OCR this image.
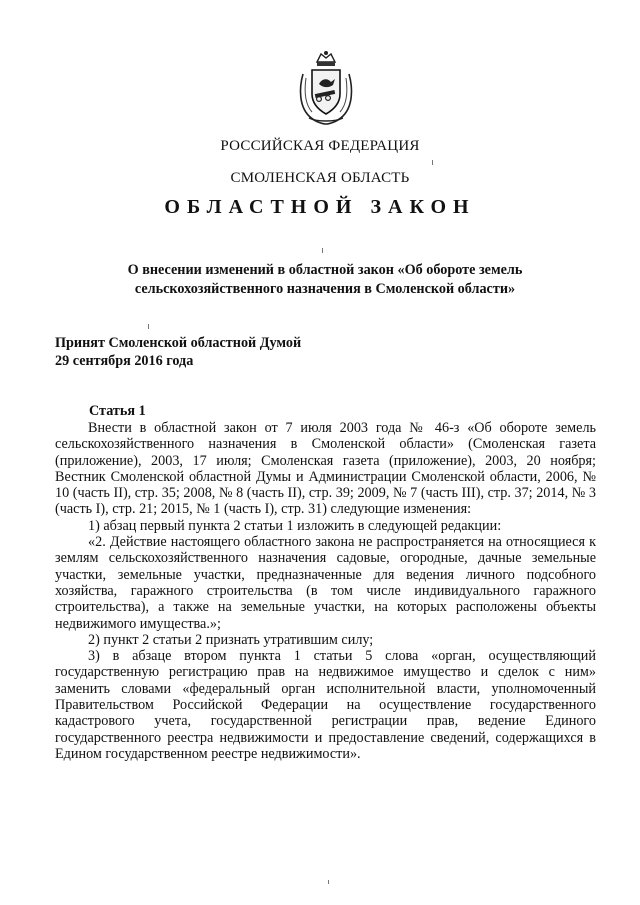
РОССИЙСКАЯ ФЕДЕРАЦИЯ
СМОЛЕНСКАЯ ОБЛАСТЬ
ОБЛАСТНОЙ ЗАКОН
О внесении изменений в областной закон «Об обороте земель сельскохозяйственного назначения в Смоленской области»
Принят Смоленской областной Думой
29 сентября 2016 года
Статья 1

Внести в областной закон от 7 июля 2003 года № 46-з «Об обороте земель сельскохозяйственного назначения в Смоленской области» (Смоленская газета (приложение), 2003, 17 июля; Смоленская газета (приложение), 2003, 20 ноября; Вестник Смоленской областной Думы и Администрации Смоленской области, 2006, № 10 (часть II), стр. 35; 2008, № 8 (часть II), стр. 39; 2009, № 7 (часть III), стр. 37; 2014, № 3 (часть I), стр. 21; 2015, № 1 (часть I), стр. 31) следующие изменения:

1) абзац первый пункта 2 статьи 1 изложить в следующей редакции:

«2. Действие настоящего областного закона не распространяется на относящиеся к землям сельскохозяйственного назначения садовые, огородные, дачные земельные участки, земельные участки, предназначенные для ведения личного подсобного хозяйства, гаражного строительства (в том числе индивидуального гаражного строительства), а также на земельные участки, на которых расположены объекты недвижимого имущества.»;

2) пункт 2 статьи 2 признать утратившим силу;

3) в абзаце втором пункта 1 статьи 5 слова «орган, осуществляющий государственную регистрацию прав на недвижимое имущество и сделок с ним» заменить словами «федеральный орган исполнительной власти, уполномоченный Правительством Российской Федерации на осуществление государственного кадастрового учета, государственной регистрации прав, ведение Единого государственного реестра недвижимости и предоставление сведений, содержащихся в Едином государственном реестре недвижимости».
